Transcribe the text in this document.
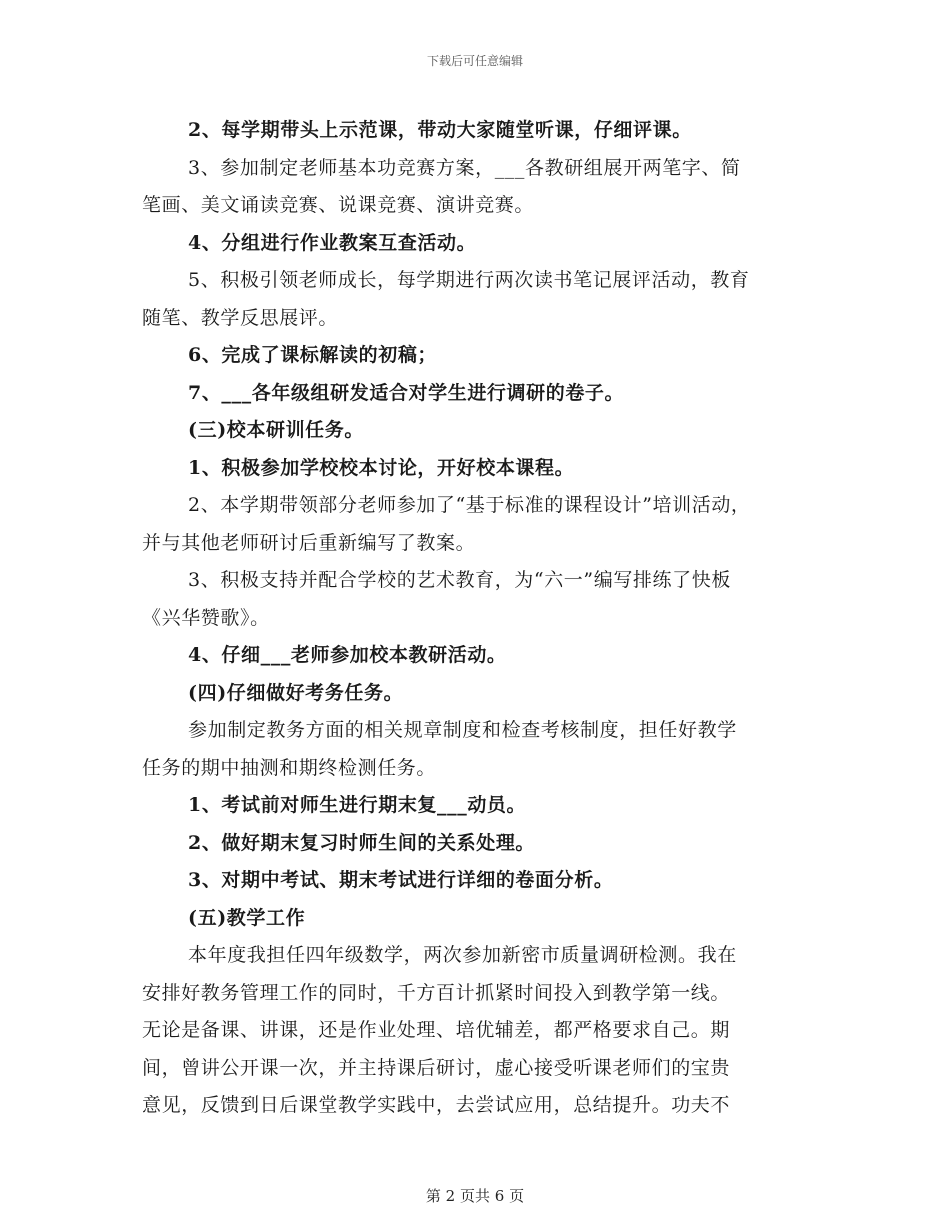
下载后可任意编辑
2、每学期带头上示范课，带动大家随堂听课，仔细评课。
3、参加制定老师基本功竞赛方案，___各教研组展开两笔字、简
笔画、美文诵读竞赛、说课竞赛、演讲竞赛。
4、分组进行作业教案互查活动。
5、积极引领老师成长，每学期进行两次读书笔记展评活动，教育
随笔、教学反思展评。
6、完成了课标解读的初稿；
7、___各年级组研发适合对学生进行调研的卷子。
(三)校本研训任务。
1、积极参加学校校本讨论，开好校本课程。
2、本学期带领部分老师参加了“基于标准的课程设计”培训活动，
并与其他老师研讨后重新编写了教案。
3、积极支持并配合学校的艺术教育，为“六一”编写排练了快板
《兴华赞歌》。
4、仔细___老师参加校本教研活动。
(四)仔细做好考务任务。
参加制定教务方面的相关规章制度和检查考核制度，担任好教学
任务的期中抽测和期终检测任务。
1、考试前对师生进行期末复___动员。
2、做好期末复习时师生间的关系处理。
3、对期中考试、期末考试进行详细的卷面分析。
(五)教学工作
本年度我担任四年级数学，两次参加新密市质量调研检测。我在
安排好教务管理工作的同时，千方百计抓紧时间投入到教学第一线。
无论是备课、讲课，还是作业处理、培优辅差，都严格要求自己。期
间，曾讲公开课一次，并主持课后研讨，虚心接受听课老师们的宝贵
意见，反馈到日后课堂教学实践中，去尝试应用，总结提升。功夫不
第 2 页共 6 页
